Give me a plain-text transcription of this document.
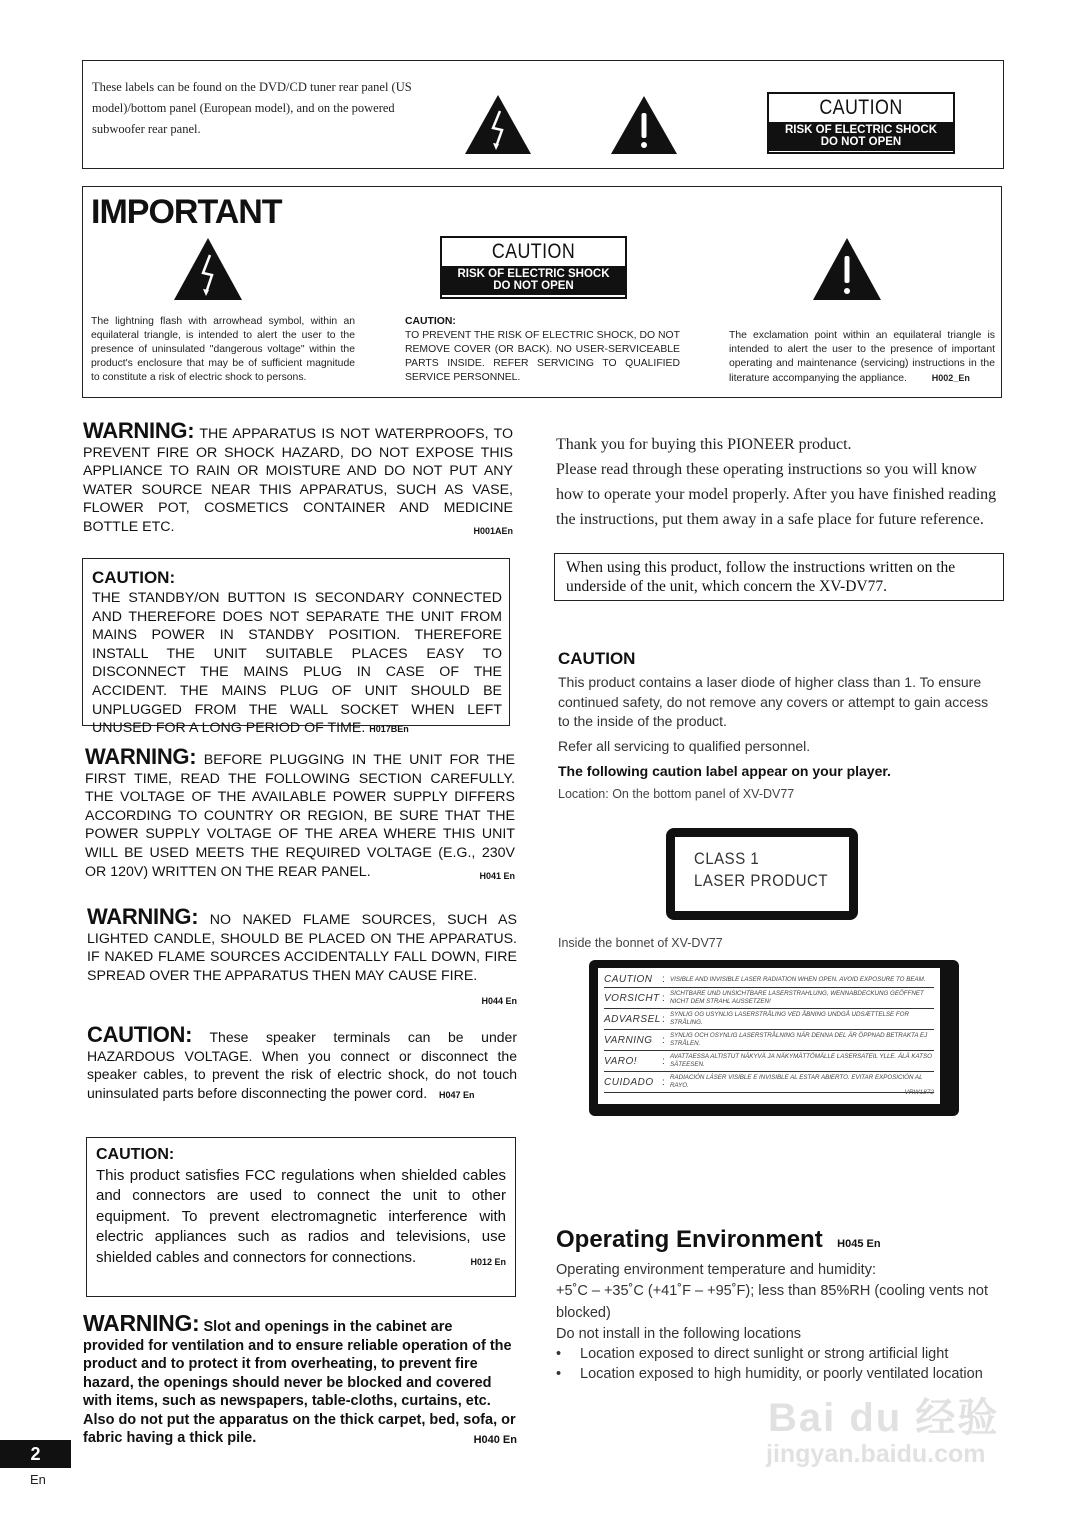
These labels can be found on the DVD/CD tuner rear panel (US model)/bottom panel (European model), and on the powered subwoofer rear panel.
CAUTION
RISK OF ELECTRIC SHOCK
DO NOT OPEN
IMPORTANT
CAUTION
RISK OF ELECTRIC SHOCK
DO NOT OPEN
The lightning flash with arrowhead symbol, within an equilateral triangle, is intended to alert the user to the presence of uninsulated "dangerous voltage" within the product's enclosure that may be of sufficient magnitude to constitute a risk of electric shock to persons.
CAUTION:
TO PREVENT THE RISK OF ELECTRIC SHOCK, DO NOT REMOVE COVER (OR BACK). NO USER-SERVICEABLE PARTS INSIDE. REFER SERVICING TO QUALIFIED SERVICE PERSONNEL.
The exclamation point within an equilateral triangle is intended to alert the user to the presence of important operating and maintenance (servicing) instructions in the literature accompanying the appliance.	H002_En
WARNING: THE APPARATUS IS NOT WATERPROOFS, TO PREVENT FIRE OR SHOCK HAZARD, DO NOT EXPOSE THIS APPLIANCE TO RAIN OR MOISTURE AND DO NOT PUT ANY WATER SOURCE NEAR THIS APPARATUS, SUCH AS VASE, FLOWER POT, COSMETICS CONTAINER AND MEDICINE BOTTLE ETC.	H001AEn
CAUTION:
THE STANDBY/ON BUTTON IS SECONDARY CONNECTED AND THEREFORE DOES NOT SEPARATE THE UNIT FROM MAINS POWER IN STANDBY POSITION. THEREFORE INSTALL THE UNIT SUITABLE PLACES EASY TO DISCONNECT THE MAINS PLUG IN CASE OF THE ACCIDENT. THE MAINS PLUG OF UNIT SHOULD BE UNPLUGGED FROM THE WALL SOCKET WHEN LEFT UNUSED FOR A LONG PERIOD OF TIME. H017BEn
WARNING: BEFORE PLUGGING IN THE UNIT FOR THE FIRST TIME, READ THE FOLLOWING SECTION CAREFULLY. THE VOLTAGE OF THE AVAILABLE POWER SUPPLY DIFFERS ACCORDING TO COUNTRY OR REGION, BE SURE THAT THE POWER SUPPLY VOLTAGE OF THE AREA WHERE THIS UNIT WILL BE USED MEETS THE REQUIRED VOLTAGE (E.G., 230V OR 120V) WRITTEN ON THE REAR PANEL.	H041 En
WARNING: NO NAKED FLAME SOURCES, SUCH AS LIGHTED CANDLE, SHOULD BE PLACED ON THE APPARATUS. IF NAKED FLAME SOURCES ACCIDENTALLY FALL DOWN, FIRE SPREAD OVER THE APPARATUS THEN MAY CAUSE FIRE.
H044 En
CAUTION: These speaker terminals can be under HAZARDOUS VOLTAGE. When you connect or disconnect the speaker cables, to prevent the risk of electric shock, do not touch uninsulated parts before disconnecting the power cord. H047 En
CAUTION:
This product satisfies FCC regulations when shielded cables and connectors are used to connect the unit to other equipment. To prevent electromagnetic interference with electric appliances such as radios and televisions, use shielded cables and connectors for connections.	H012 En
WARNING: Slot and openings in the cabinet are provided for ventilation and to ensure reliable operation of the product and to protect it from overheating, to prevent fire hazard, the openings should never be blocked and covered with items, such as newspapers, table-cloths, curtains, etc. Also do not put the apparatus on the thick carpet, bed, sofa, or fabric having a thick pile.	H040 En
2
En
Thank you for buying this PIONEER product.
Please read through these operating instructions so you will know how to operate your model properly. After you have finished reading the instructions, put them away in a safe place for future reference.
When using this product, follow the instructions written on the underside of the unit, which concern the XV-DV77.
CAUTION
This product contains a laser diode of higher class than 1. To ensure continued safety, do not remove any covers or attempt to gain access to the inside of the product.
Refer all servicing to qualified personnel.
The following caution label appear on your player.
Location: On the bottom panel of XV-DV77
CLASS 1
LASER PRODUCT
Inside the bonnet of XV-DV77
CAUTION : VISIBLE AND INVISIBLE LASER RADIATION WHEN OPEN. AVOID EXPOSURE TO BEAM.
VORSICHT : SICHTBARE UND UNSICHTBARE LASERSTRAHLUNG, WENNABDECKUNG GEÖFFNET NICHT DEM STRAHL AUSSETZEN!
ADVARSEL : SYNLIG OG USYNLIG LASERSTRÅLING VED ÅBNING UNDGÅ UDSÆTTELSE FOR STRÅLING.
VARNING : SYNLIG OCH OSYNLIG LASERSTRÅLNING NÄR DENNA DEL ÄR ÖPPNAD BETRAKTA EJ STRÅLEN.
VARO!	: AVATTAESSA ALTISTUT NÄKYVÄ JA NÄKYMÄTTÖMÄLLE LASERSATEIL YLLE. ÄLÄ KATSO SÄTEESEN.
CUIDADO : RADIACIÓN LÁSER VISIBLE E INVISIBLE AL ESTAR ABIERTO. EVITAR EXPOSICIÓN AL RAYO.
VRW1872
Operating Environment H045 En
Operating environment temperature and humidity:
+5˚C – +35˚C (+41˚F – +95˚F); less than 85%RH (cooling vents not blocked)
Do not install in the following locations
•	Location exposed to direct sunlight or strong artificial light
•	Location exposed to high humidity, or poorly ventilated location
Bai du 经验
jingyan.baidu.com
